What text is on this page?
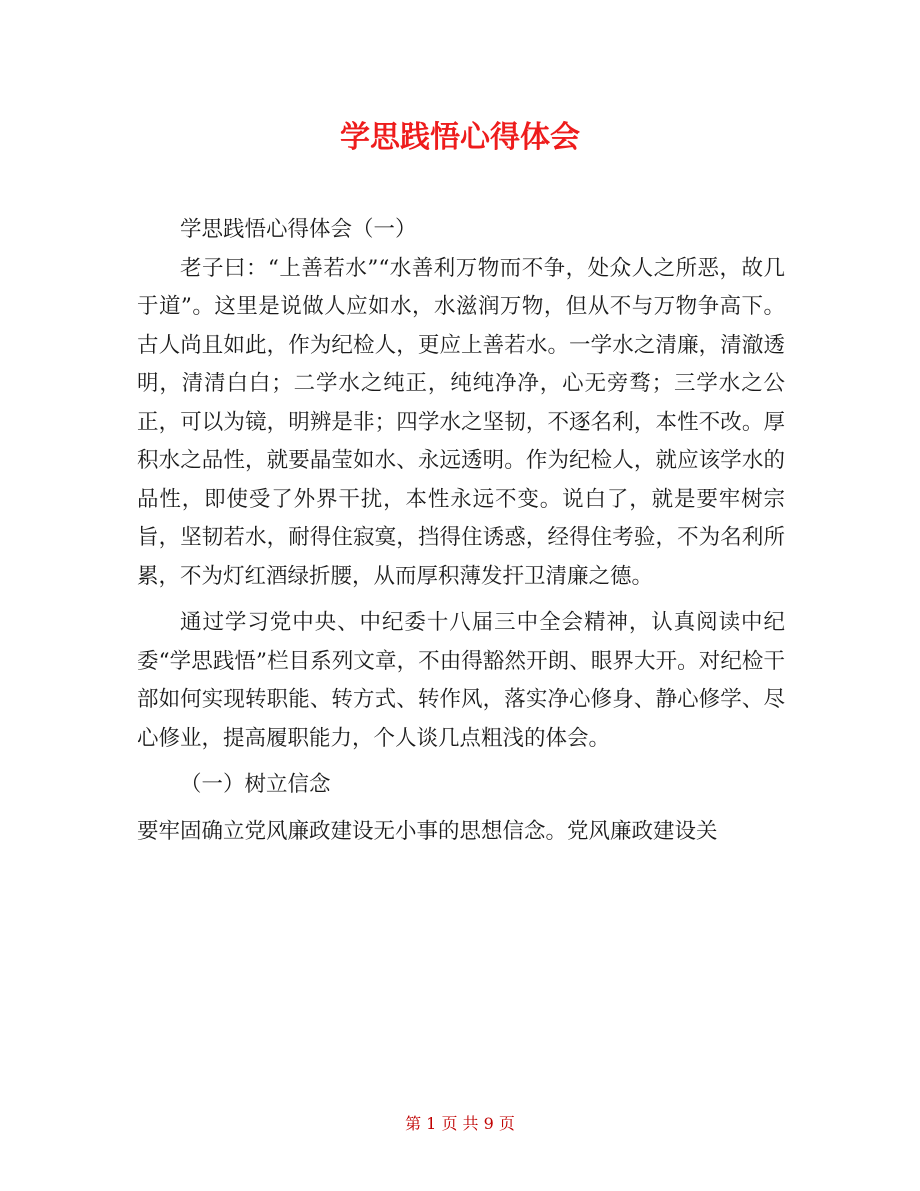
学思践悟心得体会

学思践悟心得体会（一）

老子曰：“上善若水”“水善利万物而不争，处众人之所恶，故几于道”。这里是说做人应如水，水滋润万物，但从不与万物争高下。古人尚且如此，作为纪检人，更应上善若水。一学水之清廉，清澈透明，清清白白；二学水之纯正，纯纯净净，心无旁骛；三学水之公正，可以为镜，明辨是非；四学水之坚韧，不逐名利，本性不改。厚积水之品性，就要晶莹如水、永远透明。作为纪检人，就应该学水的品性，即使受了外界干扰，本性永远不变。说白了，就是要牢树宗旨，坚韧若水，耐得住寂寞，挡得住诱惑，经得住考验，不为名利所累，不为灯红酒绿折腰，从而厚积薄发扞卫清廉之德。

通过学习党中央、中纪委十八届三中全会精神，认真阅读中纪委“学思践悟”栏目系列文章，不由得豁然开朗、眼界大开。对纪检干部如何实现转职能、转方式、转作风，落实净心修身、静心修学、尽心修业，提高履职能力，个人谈几点粗浅的体会。

（一）树立信念

要牢固确立党风廉政建设无小事的思想信念。党风廉政建设关

第 1 页 共 9 页
